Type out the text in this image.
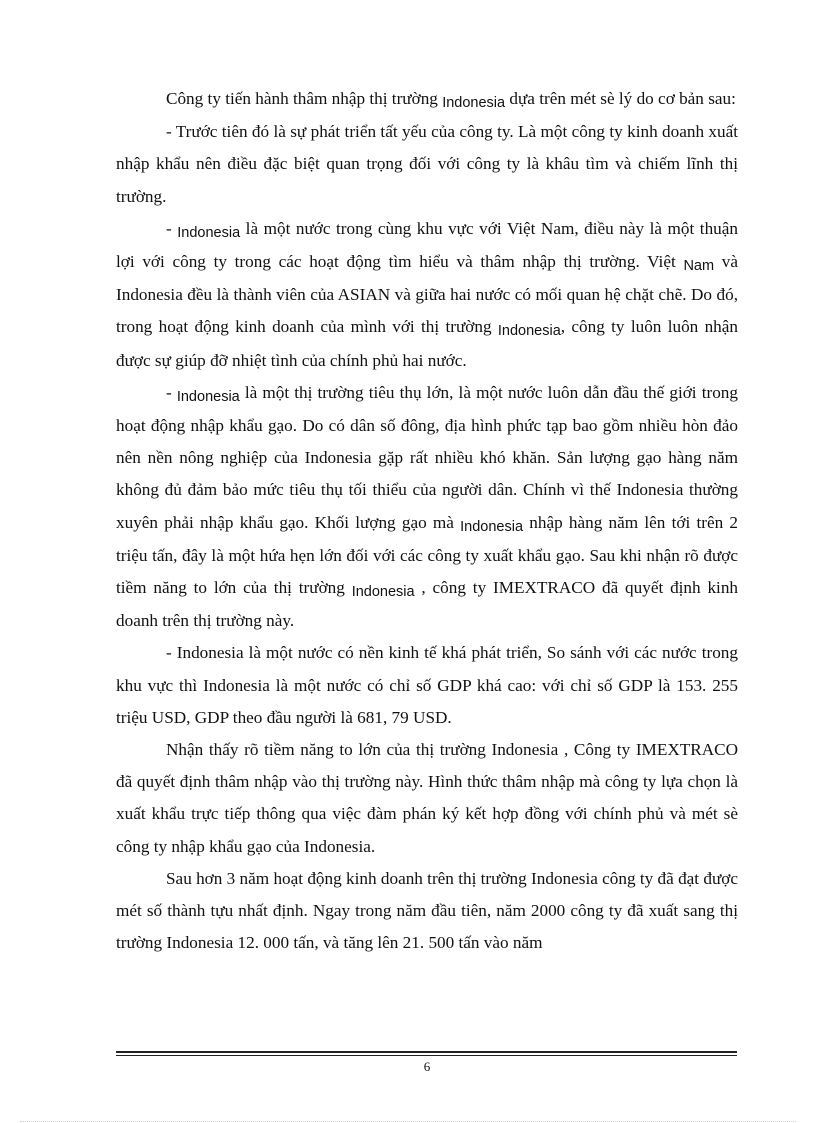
Công ty tiến hành thâm nhập thị trường Indonesia dựa trên mét sè lý do cơ bản sau:

- Trước tiên đó là sự phát triển tất yếu của công ty. Là một công ty kinh doanh xuất nhập khẩu nên điều đặc biệt quan trọng đối với công ty là khâu tìm và chiếm lĩnh thị trường.

- Indonesia là một nước trong cùng khu vực với Việt Nam, điều này là một thuận lợi với công ty trong các hoạt động tìm hiểu và thâm nhập thị trường. Việt Nam và Indonesia đều là thành viên của ASIAN và giữa hai nước có mối quan hệ chặt chẽ. Do đó, trong hoạt động kinh doanh của mình với thị trường Indonesia, công ty luôn luôn nhận được sự giúp đỡ nhiệt tình của chính phủ hai nước.

- Indonesia là một thị trường tiêu thụ lớn, là một nước luôn dẫn đầu thế giới trong hoạt động nhập khẩu gạo. Do có dân số đông, địa hình phức tạp bao gồm nhiều hòn đảo nên nền nông nghiệp của Indonesia gặp rất nhiều khó khăn. Sản lượng gạo hàng năm không đủ đảm bảo mức tiêu thụ tối thiểu của người dân. Chính vì thế Indonesia thường xuyên phải nhập khẩu gạo. Khối lượng gạo mà Indonesia nhập hàng năm lên tới trên 2 triệu tấn, đây là một hứa hẹn lớn đối với các công ty xuất khẩu gạo. Sau khi nhận rõ được tiềm năng to lớn của thị trường Indonesia , công ty IMEXTRACO đã quyết định kinh doanh trên thị trường này.

- Indonesia là một nước có nền kinh tế khá phát triển, So sánh với các nước trong khu vực thì Indonesia là một nước có chỉ số GDP khá cao: với chỉ số GDP là 153. 255 triệu USD, GDP theo đầu người là 681, 79 USD.

Nhận thấy rõ tiềm năng to lớn của thị trường Indonesia , Công ty IMEXTRACO đã quyết định thâm nhập vào thị trường này. Hình thức thâm nhập mà công ty lựa chọn là xuất khẩu trực tiếp thông qua việc đàm phán ký kết hợp đồng với chính phủ và mét sè công ty nhập khẩu gạo của Indonesia.

Sau hơn 3 năm hoạt động kinh doanh trên thị trường Indonesia công ty đã đạt được mét số thành tựu nhất định. Ngay trong năm đầu tiên, năm 2000 công ty đã xuất sang thị trường Indonesia 12. 000 tấn, và tăng lên 21. 500 tấn vào năm

6
